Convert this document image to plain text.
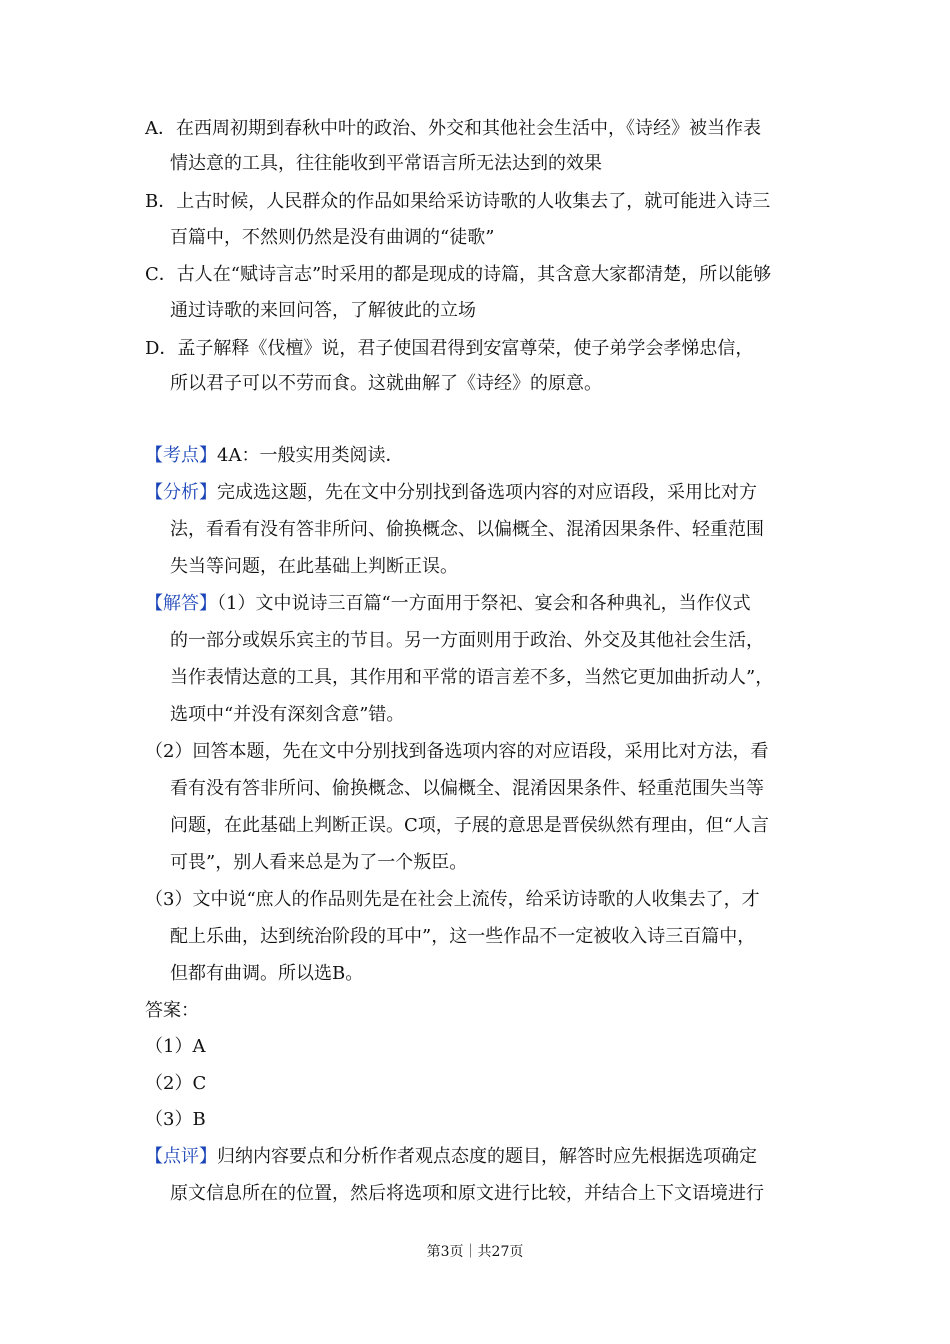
A．在西周初期到春秋中叶的政治、外交和其他社会生活中，《诗经》被当作表
情达意的工具，往往能收到平常语言所无法达到的效果
B．上古时候，人民群众的作品如果给采访诗歌的人收集去了，就可能进入诗三
百篇中，不然则仍然是没有曲调的“徒歌”
C．古人在“赋诗言志”时采用的都是现成的诗篇，其含意大家都清楚，所以能够
通过诗歌的来回问答，了解彼此的立场
D．孟子解释《伐檀》说，君子使国君得到安富尊荣，使子弟学会孝悌忠信，
所以君子可以不劳而食。这就曲解了《诗经》的原意。
【考点】4A：一般实用类阅读．
【分析】完成选这题，先在文中分别找到备选项内容的对应语段，采用比对方
法，看看有没有答非所问、偷换概念、以偏概全、混淆因果条件、轻重范围
失当等问题，在此基础上判断正误。
【解答】（1）文中说诗三百篇“一方面用于祭祀、宴会和各种典礼，当作仪式
的一部分或娱乐宾主的节目。另一方面则用于政治、外交及其他社会生活，
当作表情达意的工具，其作用和平常的语言差不多，当然它更加曲折动人”，
选项中“并没有深刻含意”错。
（2）回答本题，先在文中分别找到备选项内容的对应语段，采用比对方法，看
看有没有答非所问、偷换概念、以偏概全、混淆因果条件、轻重范围失当等
问题，在此基础上判断正误。C项，子展的意思是晋侯纵然有理由，但“人言
可畏”，别人看来总是为了一个叛臣。
（3）文中说“庶人的作品则先是在社会上流传，给采访诗歌的人收集去了，才
配上乐曲，达到统治阶段的耳中”，这一些作品不一定被收入诗三百篇中，
但都有曲调。所以选B。
答案：
（1）A
（2）C
（3）B
【点评】归纳内容要点和分析作者观点态度的题目，解答时应先根据选项确定
原文信息所在的位置，然后将选项和原文进行比较，并结合上下文语境进行
第3页｜共27页
